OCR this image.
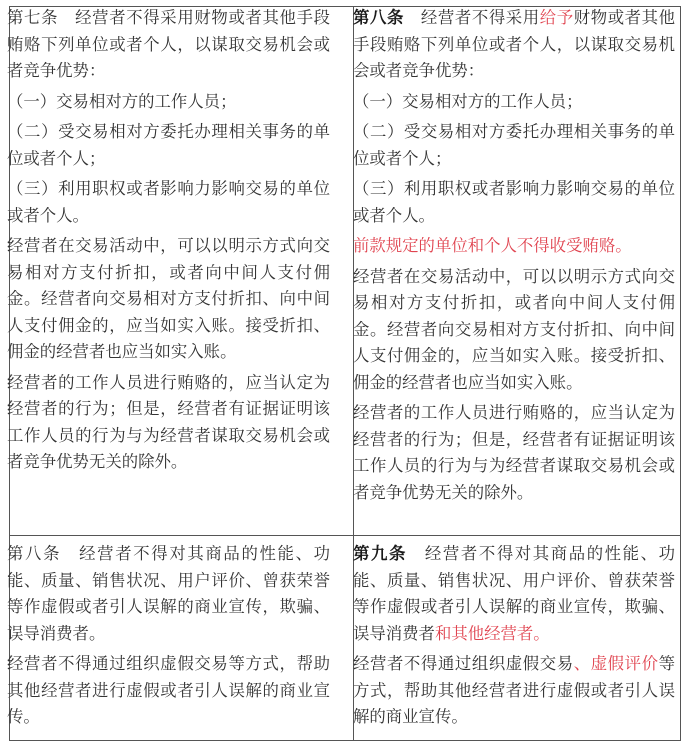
第七条　经营者不得采用财物或者其他手段贿赂下列单位或者个人，以谋取交易机会或者竞争优势：

（一）交易相对方的工作人员；

（二）受交易相对方委托办理相关事务的单位或者个人；

（三）利用职权或者影响力影响交易的单位或者个人。

经营者在交易活动中，可以以明示方式向交易相对方支付折扣，或者向中间人支付佣金。经营者向交易相对方支付折扣、向中间人支付佣金的，应当如实入账。接受折扣、佣金的经营者也应当如实入账。

经营者的工作人员进行贿赂的，应当认定为经营者的行为；但是，经营者有证据证明该工作人员的行为与为经营者谋取交易机会或者竞争优势无关的除外。

第八条　经营者不得采用给予财物或者其他手段贿赂下列单位或者个人，以谋取交易机会或者竞争优势：

（一）交易相对方的工作人员；

（二）受交易相对方委托办理相关事务的单位或者个人；

（三）利用职权或者影响力影响交易的单位或者个人。

前款规定的单位和个人不得收受贿赂。

经营者在交易活动中，可以以明示方式向交易相对方支付折扣，或者向中间人支付佣金。经营者向交易相对方支付折扣、向中间人支付佣金的，应当如实入账。接受折扣、佣金的经营者也应当如实入账。

经营者的工作人员进行贿赂的，应当认定为经营者的行为；但是，经营者有证据证明该工作人员的行为与为经营者谋取交易机会或者竞争优势无关的除外。

第八条　经营者不得对其商品的性能、功能、质量、销售状况、用户评价、曾获荣誉等作虚假或者引人误解的商业宣传，欺骗、误导消费者。

经营者不得通过组织虚假交易等方式，帮助其他经营者进行虚假或者引人误解的商业宣传。

第九条　经营者不得对其商品的性能、功能、质量、销售状况、用户评价、曾获荣誉等作虚假或者引人误解的商业宣传，欺骗、误导消费者和其他经营者。

经营者不得通过组织虚假交易、虚假评价等方式，帮助其他经营者进行虚假或者引人误解的商业宣传。
